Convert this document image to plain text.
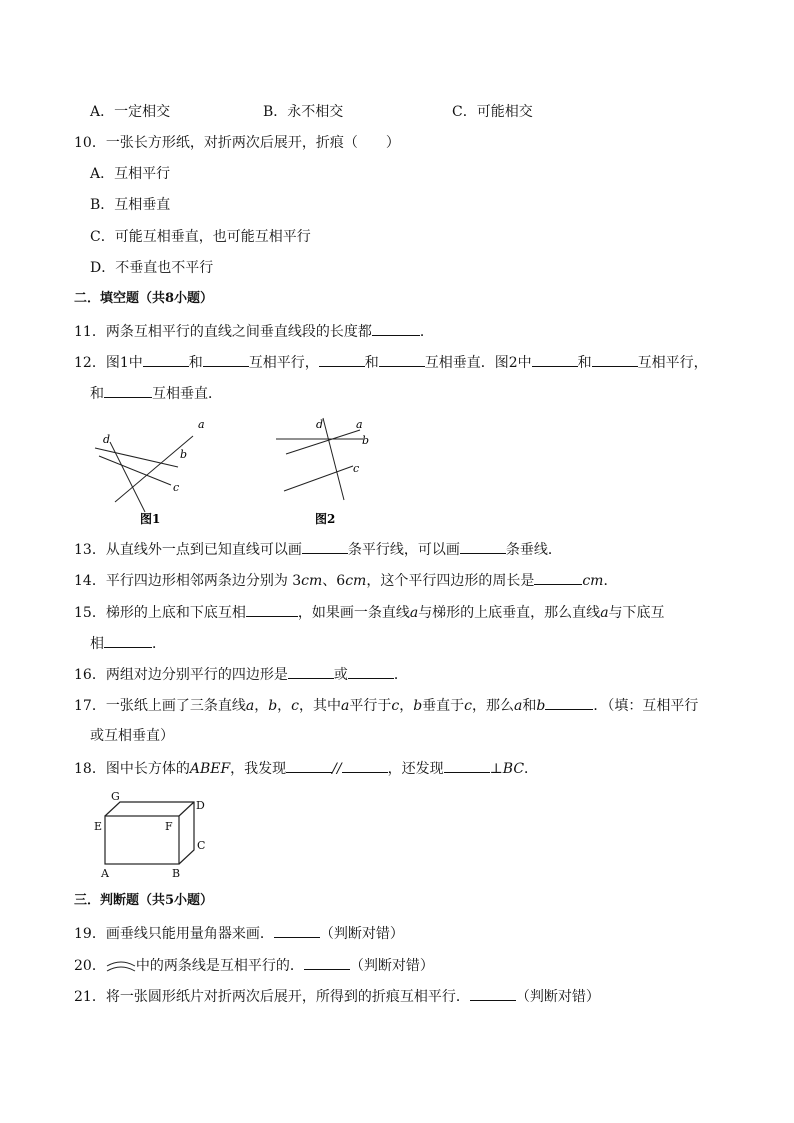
A．一定相交	B．永不相交	C．可能相交
10．一张长方形纸，对折两次后展开，折痕（　　）
A．互相平行
B．互相垂直
C．可能互相垂直，也可能互相平行
D．不垂直也不平行
二．填空题（共8小题）
11．两条互相平行的直线之间垂直线段的长度都	．
12．图1中	和	互相平行，	和	互相垂直．图2中	和	互相平行，
和	互相垂直．
a
b
c
d
图1
a
b
c
d
图2
13．从直线外一点到已知直线可以画	条平行线，可以画	条垂线．
14．平行四边形相邻两条边分别为 3cm、6cm，这个平行四边形的周长是	cm．
15．梯形的上底和下底互相	，如果画一条直线a与梯形的上底垂直，那么直线a与下底互
相	．
16．两组对边分别平行的四边形是	或	．
17．一张纸上画了三条直线a，b，c，其中a平行于c，b垂直于c，那么a和b	．（填：互相平行
或互相垂直）
18．图中长方体的ABEF，我发现	//	，还发现	⊥BC．
G
D
E	F
C
A	B
三．判断题（共5小题）
19．画垂线只能用量角器来画．	（判断对错）
20． 中的两条线是互相平行的．	（判断对错）
21．将一张圆形纸片对折两次后展开，所得到的折痕互相平行．	（判断对错）
